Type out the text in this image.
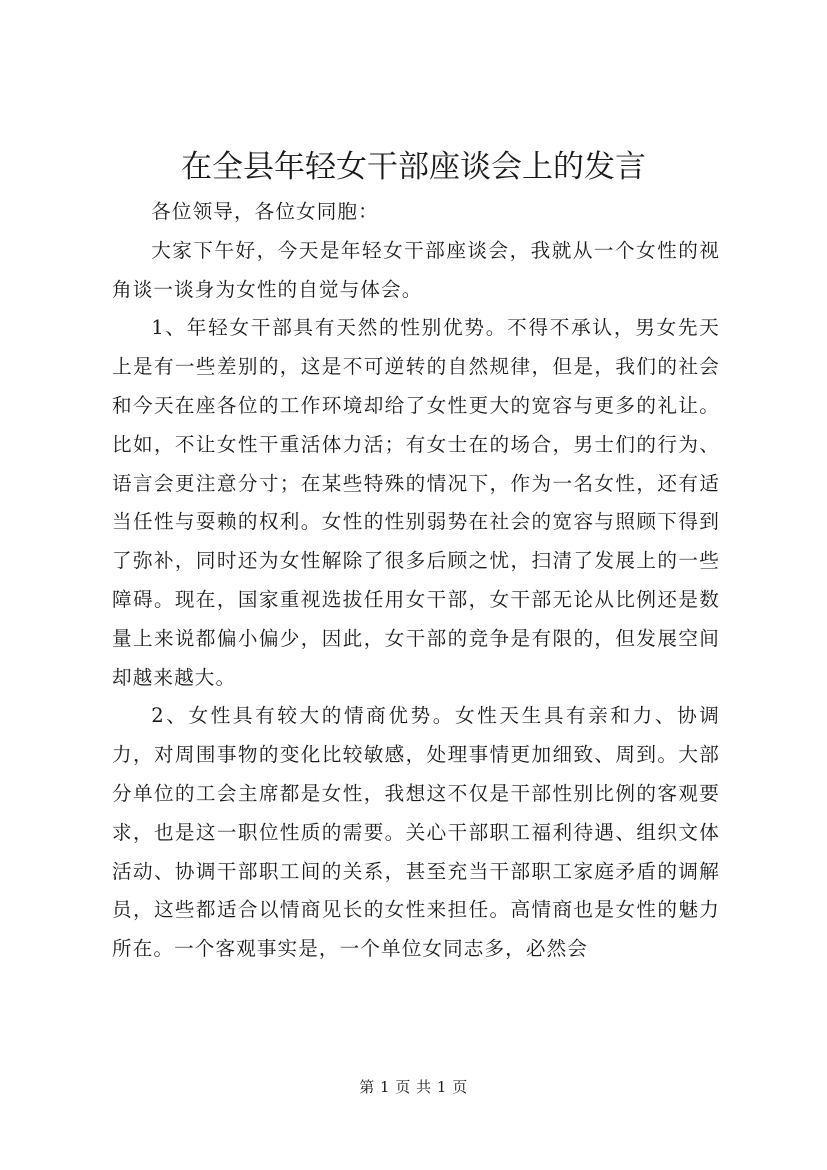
在全县年轻女干部座谈会上的发言

各位领导，各位女同胞：

大家下午好，今天是年轻女干部座谈会，我就从一个女性的视角谈一谈身为女性的自觉与体会。

1、年轻女干部具有天然的性别优势。不得不承认，男女先天上是有一些差别的，这是不可逆转的自然规律，但是，我们的社会和今天在座各位的工作环境却给了女性更大的宽容与更多的礼让。比如，不让女性干重活体力活；有女士在的场合，男士们的行为、语言会更注意分寸；在某些特殊的情况下，作为一名女性，还有适当任性与耍赖的权利。女性的性别弱势在社会的宽容与照顾下得到了弥补，同时还为女性解除了很多后顾之忧，扫清了发展上的一些障碍。现在，国家重视选拔任用女干部，女干部无论从比例还是数量上来说都偏小偏少，因此，女干部的竞争是有限的，但发展空间却越来越大。

2、女性具有较大的情商优势。女性天生具有亲和力、协调力，对周围事物的变化比较敏感，处理事情更加细致、周到。大部分单位的工会主席都是女性，我想这不仅是干部性别比例的客观要求，也是这一职位性质的需要。关心干部职工福利待遇、组织文体活动、协调干部职工间的关系，甚至充当干部职工家庭矛盾的调解员，这些都适合以情商见长的女性来担任。高情商也是女性的魅力所在。一个客观事实是，一个单位女同志多，必然会

第 1 页 共 1 页
